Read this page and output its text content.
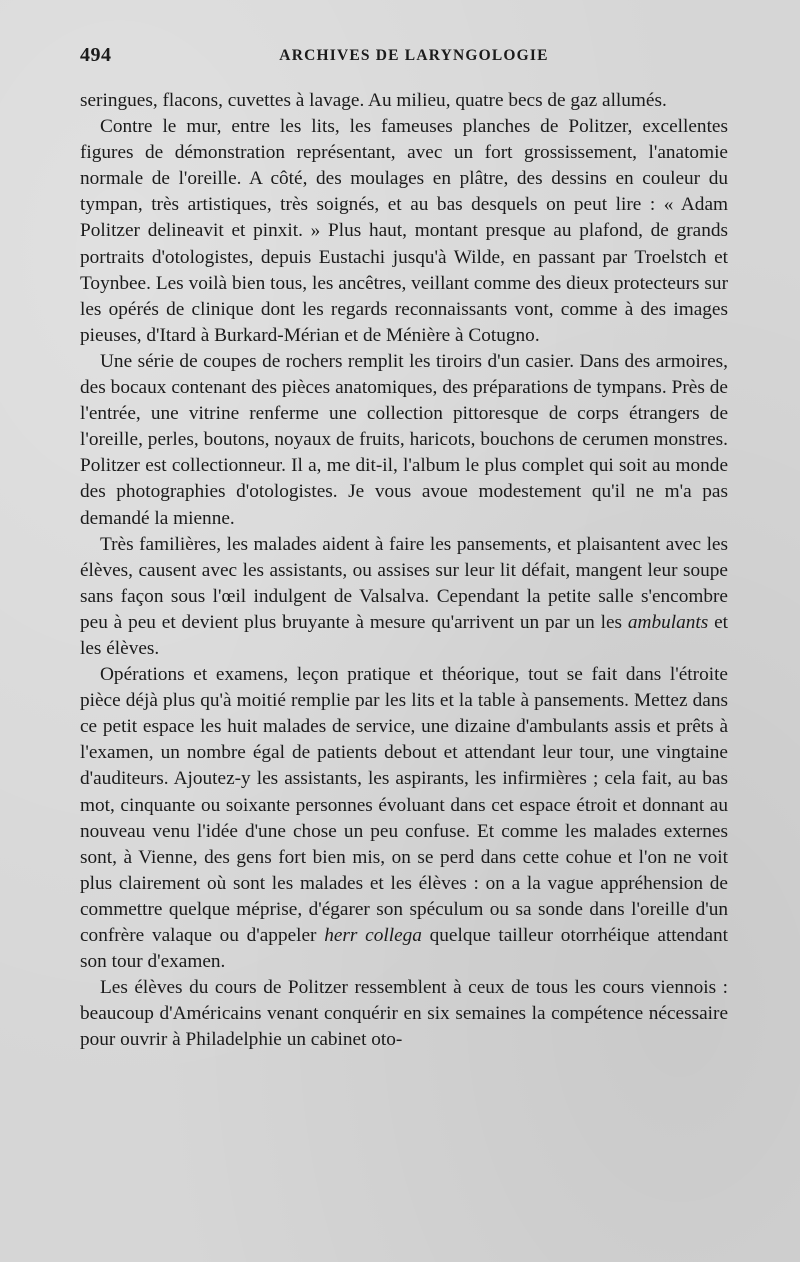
494	ARCHIVES DE LARYNGOLOGIE

seringues, flacons, cuvettes à lavage. Au milieu, quatre becs de gaz allumés.

Contre le mur, entre les lits, les fameuses planches de Politzer, excellentes figures de démonstration représentant, avec un fort grossissement, l'anatomie normale de l'oreille. A côté, des moulages en plâtre, des dessins en couleur du tympan, très artistiques, très soignés, et au bas desquels on peut lire : « Adam Politzer delineavit et pinxit. » Plus haut, montant presque au plafond, de grands portraits d'otologistes, depuis Eustachi jusqu'à Wilde, en passant par Troelstch et Toynbee. Les voilà bien tous, les ancêtres, veillant comme des dieux protecteurs sur les opérés de clinique dont les regards reconnaissants vont, comme à des images pieuses, d'Itard à Burkard-Mérian et de Ménière à Cotugno.

Une série de coupes de rochers remplit les tiroirs d'un casier. Dans des armoires, des bocaux contenant des pièces anatomiques, des préparations de tympans. Près de l'entrée, une vitrine renferme une collection pittoresque de corps étrangers de l'oreille, perles, boutons, noyaux de fruits, haricots, bouchons de cerumen monstres. Politzer est collectionneur. Il a, me dit-il, l'album le plus complet qui soit au monde des photographies d'otologistes. Je vous avoue modestement qu'il ne m'a pas demandé la mienne.

Très familières, les malades aident à faire les pansements, et plaisantent avec les élèves, causent avec les assistants, ou assises sur leur lit défait, mangent leur soupe sans façon sous l'œil indulgent de Valsalva. Cependant la petite salle s'encombre peu à peu et devient plus bruyante à mesure qu'arrivent un par un les ambulants et les élèves.

Opérations et examens, leçon pratique et théorique, tout se fait dans l'étroite pièce déjà plus qu'à moitié remplie par les lits et la table à pansements. Mettez dans ce petit espace les huit malades de service, une dizaine d'ambulants assis et prêts à l'examen, un nombre égal de patients debout et attendant leur tour, une vingtaine d'auditeurs. Ajoutez-y les assistants, les aspirants, les infirmières ; cela fait, au bas mot, cinquante ou soixante personnes évoluant dans cet espace étroit et donnant au nouveau venu l'idée d'une chose un peu confuse. Et comme les malades externes sont, à Vienne, des gens fort bien mis, on se perd dans cette cohue et l'on ne voit plus clairement où sont les malades et les élèves : on a la vague appréhension de commettre quelque méprise, d'égarer son spéculum ou sa sonde dans l'oreille d'un confrère valaque ou d'appeler herr collega quelque tailleur otorrhéique attendant son tour d'examen.

Les élèves du cours de Politzer ressemblent à ceux de tous les cours viennois : beaucoup d'Américains venant conquérir en six semaines la compétence nécessaire pour ouvrir à Philadelphie un cabinet oto-
